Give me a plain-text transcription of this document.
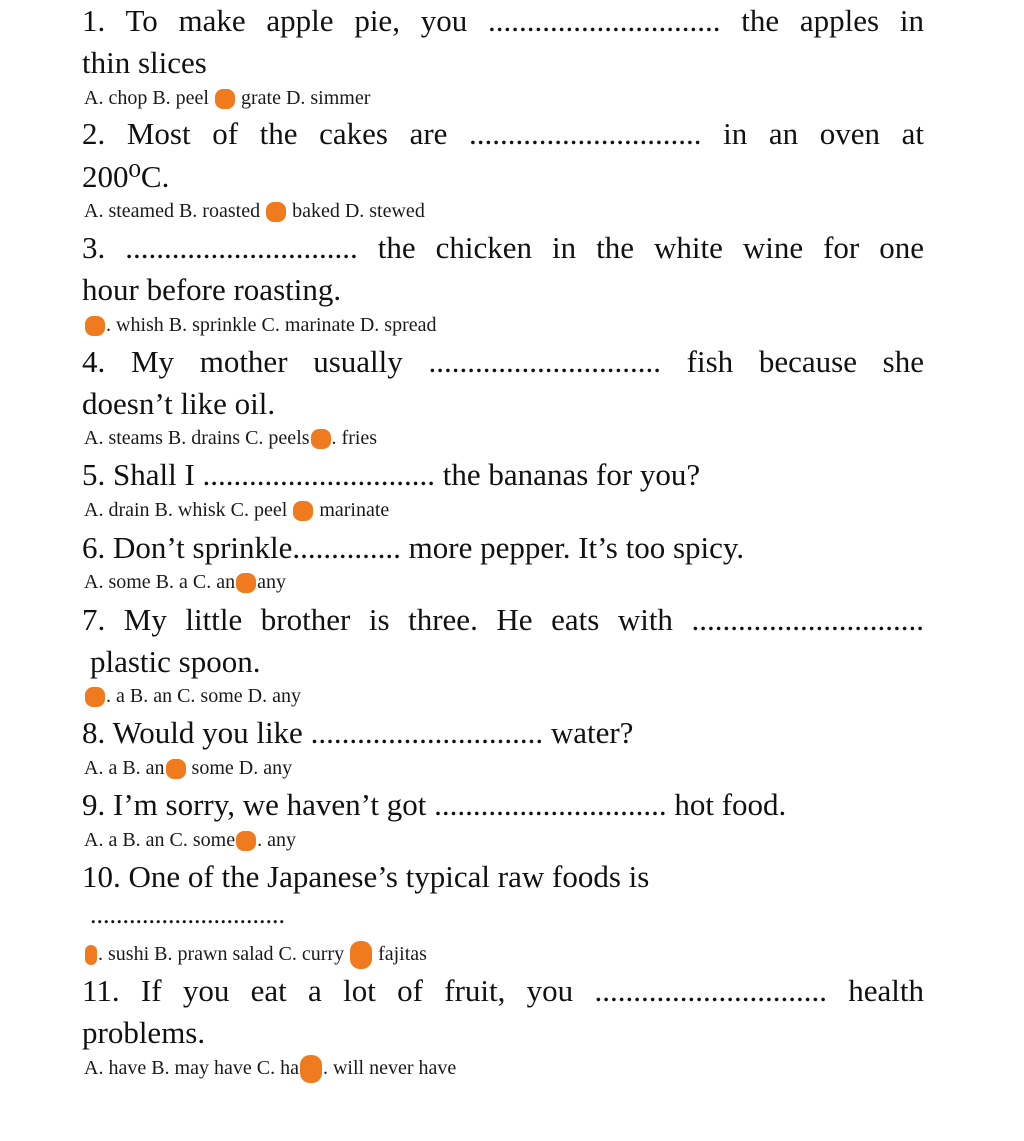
1. To make apple pie, you .............................. the apples in
thin slices
A. chop B. peel  grate D. simmer
2. Most of the cakes are .............................. in an oven at
200⁰C.
A. steamed B. roasted  baked D. stewed
3. .............................. the chicken in the white wine for one
hour before roasting.
. whish B. sprinkle C. marinate D. spread
4. My mother usually .............................. fish because she
doesn’t like oil.
A. steams B. drains C. peels . fries
5. Shall I .............................. the bananas for you?
A. drain B. whisk C. peel  marinate
6. Don’t sprinkle.............. more pepper. It’s too spicy.
A. some B. a C. an any
7. My little brother is three. He eats with ..............................
plastic spoon.
. a B. an C. some D. any
8. Would you like .............................. water?
A. a B. an some D. any
9. I’m sorry, we haven’t got .............................. hot food.
A. a B. an C. some . any
10. One of the Japanese’s typical raw foods is
..............................
. sushi B. prawn salad C. curry  fajitas
11. If you eat a lot of fruit, you .............................. health
problems.
A. have B. may have C. ha . will never have
